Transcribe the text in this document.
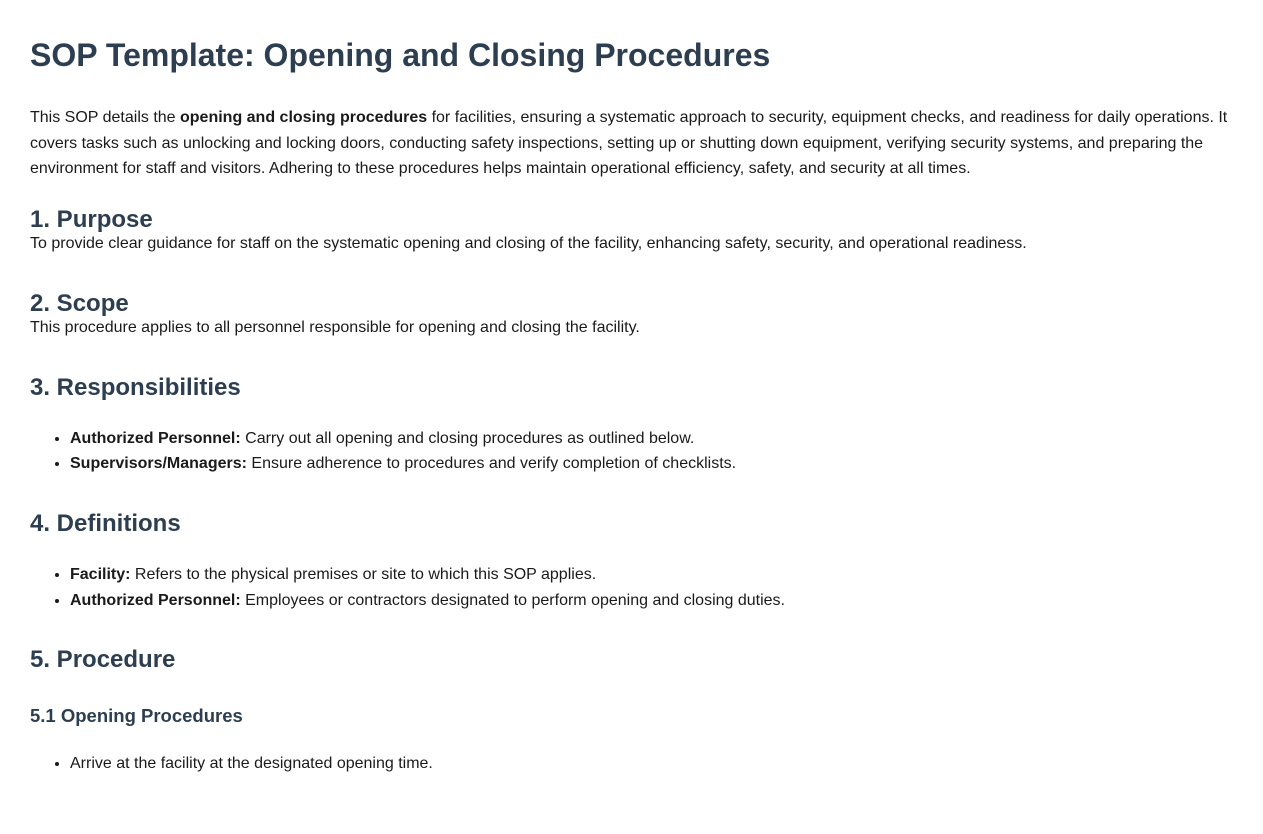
SOP Template: Opening and Closing Procedures

This SOP details the opening and closing procedures for facilities, ensuring a systematic approach to security, equipment checks, and readiness for daily operations. It covers tasks such as unlocking and locking doors, conducting safety inspections, setting up or shutting down equipment, verifying security systems, and preparing the environment for staff and visitors. Adhering to these procedures helps maintain operational efficiency, safety, and security at all times.

1. Purpose

To provide clear guidance for staff on the systematic opening and closing of the facility, enhancing safety, security, and operational readiness.

2. Scope

This procedure applies to all personnel responsible for opening and closing the facility.

3. Responsibilities
• Authorized Personnel: Carry out all opening and closing procedures as outlined below.
• Supervisors/Managers: Ensure adherence to procedures and verify completion of checklists.
4. Definitions
• Facility: Refers to the physical premises or site to which this SOP applies.
• Authorized Personnel: Employees or contractors designated to perform opening and closing duties.
5. Procedure
5.1 Opening Procedures
• Arrive at the facility at the designated opening time.
